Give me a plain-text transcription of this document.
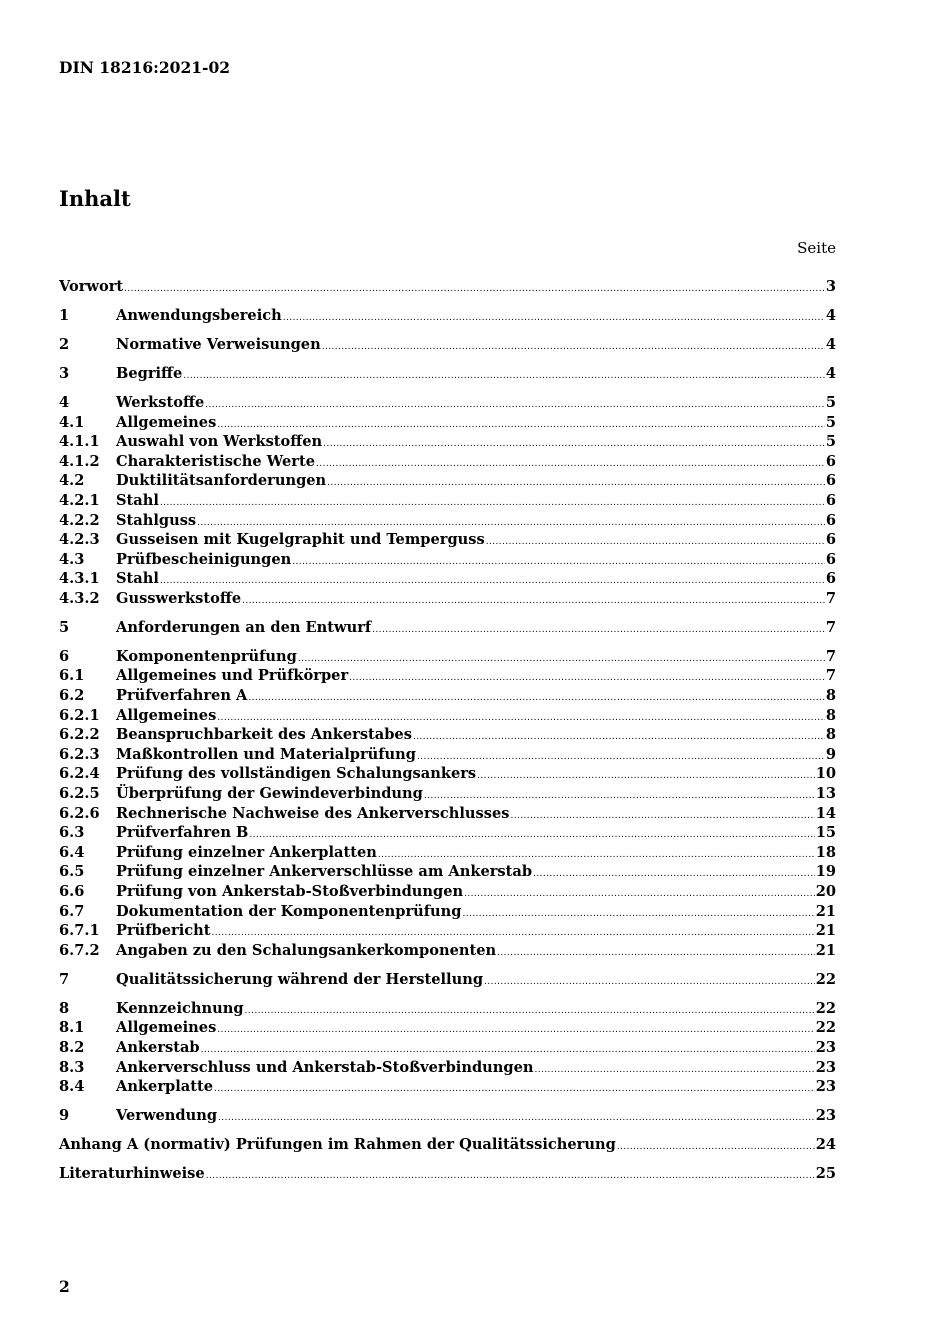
DIN 18216:2021-02
Inhalt
Seite
Vorwort .....	3
1	Anwendungsbereich .....	4
2	Normative Verweisungen .....	4
3	Begriffe .....	4
4	Werkstoffe .....	5
4.1	Allgemeines .....	5
4.1.1	Auswahl von Werkstoffen .....	5
4.1.2	Charakteristische Werte .....	6
4.2	Duktilitätsanforderungen .....	6
4.2.1	Stahl .....	6
4.2.2	Stahlguss .....	6
4.2.3	Gusseisen mit Kugelgraphit und Temperguss .....	6
4.3	Prüfbescheinigungen .....	6
4.3.1	Stahl .....	6
4.3.2	Gusswerkstoffe .....	7
5	Anforderungen an den Entwurf .....	7
6	Komponentenprüfung .....	7
6.1	Allgemeines und Prüfkörper .....	7
6.2	Prüfverfahren A .....	8
6.2.1	Allgemeines .....	8
6.2.2	Beanspruchbarkeit des Ankerstabes .....	8
6.2.3	Maßkontrollen und Materialprüfung .....	9
6.2.4	Prüfung des vollständigen Schalungsankers .....	10
6.2.5	Überprüfung der Gewindeverbindung .....	13
6.2.6	Rechnerische Nachweise des Ankerverschlusses .....	14
6.3	Prüfverfahren B .....	15
6.4	Prüfung einzelner Ankerplatten .....	18
6.5	Prüfung einzelner Ankerverschlüsse am Ankerstab .....	19
6.6	Prüfung von Ankerstab-Stoßverbindungen .....	20
6.7	Dokumentation der Komponentenprüfung .....	21
6.7.1	Prüfbericht .....	21
6.7.2	Angaben zu den Schalungsankerkomponenten .....	21
7	Qualitätssicherung während der Herstellung .....	22
8	Kennzeichnung .....	22
8.1	Allgemeines .....	22
8.2	Ankerstab .....	23
8.3	Ankerverschluss und Ankerstab-Stoßverbindungen .....	23
8.4	Ankerplatte .....	23
9	Verwendung .....	23
Anhang A (normativ) Prüfungen im Rahmen der Qualitätssicherung .....	24
Literaturhinweise .....	25
2
